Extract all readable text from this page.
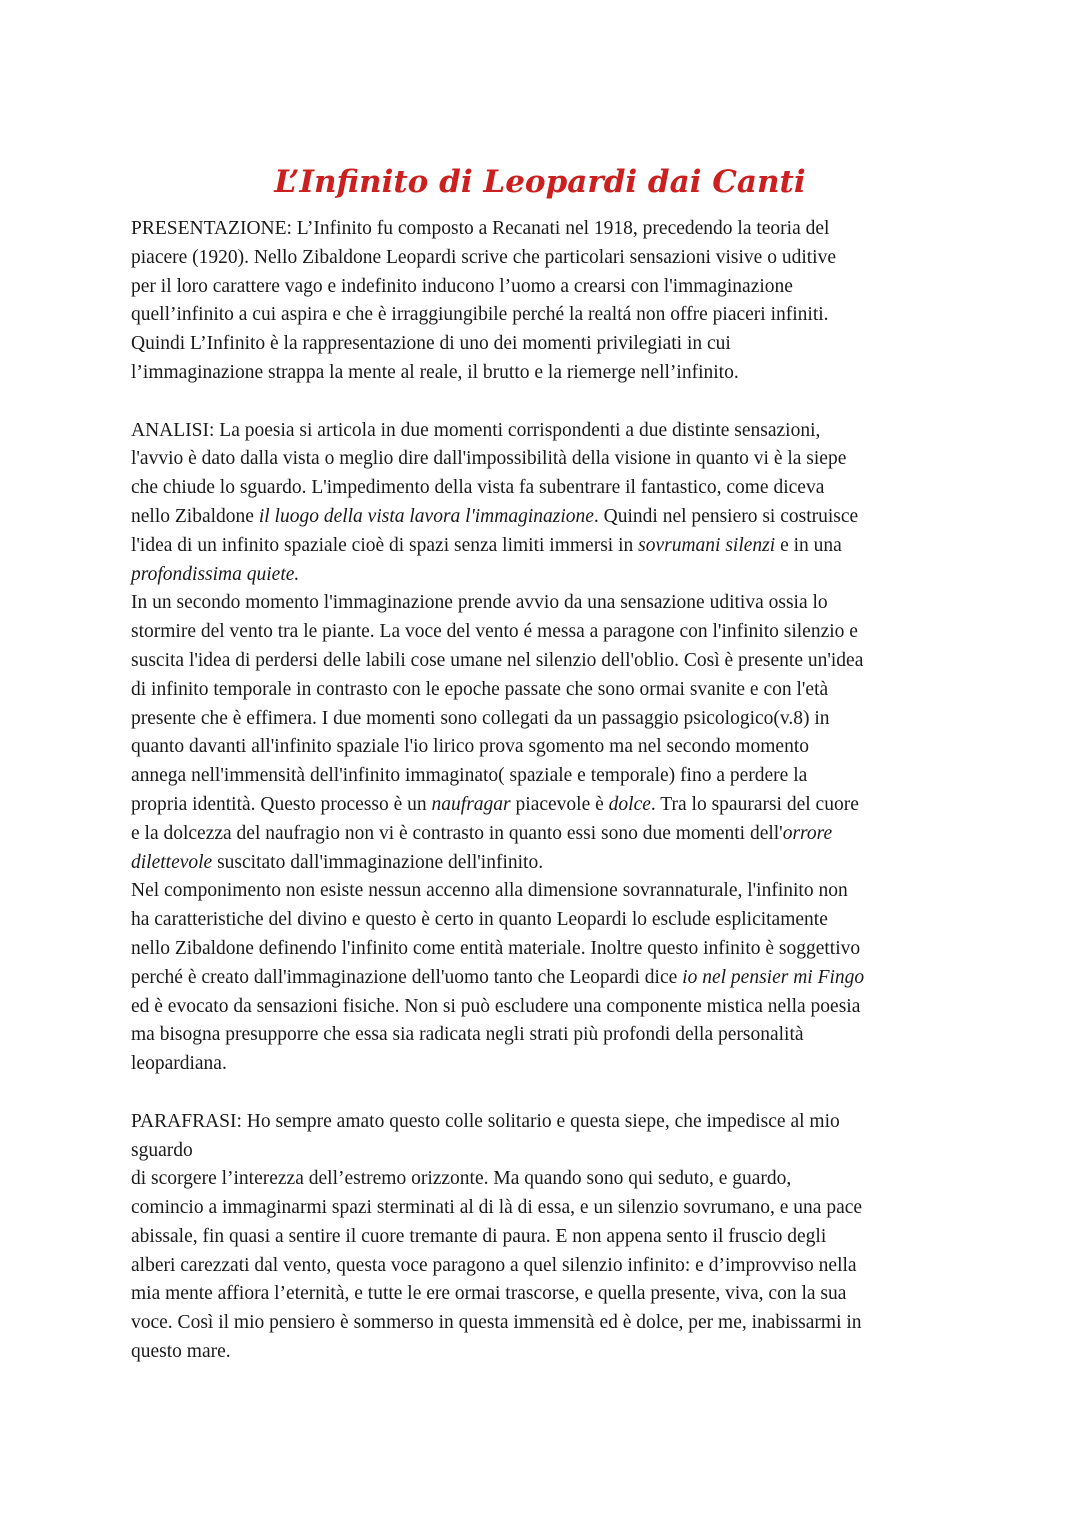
L’Infinito di Leopardi dai Canti
PRESENTAZIONE: L’Infinito fu composto a Recanati nel 1918, precedendo la teoria del
piacere (1920). Nello Zibaldone Leopardi scrive che particolari sensazioni visive o uditive
per il loro carattere vago e indefinito inducono l’uomo a crearsi con l'immaginazione
quell’infinito a cui aspira e che è irraggiungibile perché la realtá non offre piaceri infiniti.
Quindi L’Infinito è la rappresentazione di uno dei momenti privilegiati in cui
l’immaginazione strappa la mente al reale, il brutto e la riemerge nell’infinito.
ANALISI: La poesia si articola in due momenti corrispondenti a due distinte sensazioni,
l'avvio è dato dalla vista o meglio dire dall'impossibilità della visione in quanto vi è la siepe
che chiude lo sguardo. L'impedimento della vista fa subentrare il fantastico, come diceva
nello Zibaldone il luogo della vista lavora l'immaginazione. Quindi nel pensiero si costruisce
l'idea di un infinito spaziale cioè di spazi senza limiti immersi in sovrumani silenzi e in una
profondissima quiete.
In un secondo momento l'immaginazione prende avvio da una sensazione uditiva ossia lo
stormire del vento tra le piante. La voce del vento é messa a paragone con l'infinito silenzio e
suscita l'idea di perdersi delle labili cose umane nel silenzio dell'oblio. Così è presente un'idea
di infinito temporale in contrasto con le epoche passate che sono ormai svanite e con l'età
presente che è effimera. I due momenti sono collegati da un passaggio psicologico(v.8) in
quanto davanti all'infinito spaziale l'io lirico prova sgomento ma nel secondo momento
annega nell'immensità dell'infinito immaginato( spaziale e temporale) fino a perdere la
propria identità. Questo processo è un naufragar piacevole è dolce. Tra lo spaurarsi del cuore
e la dolcezza del naufragio non vi è contrasto in quanto essi sono due momenti dell'orrore
dilettevole suscitato dall'immaginazione dell'infinito.
Nel componimento non esiste nessun accenno alla dimensione sovrannaturale, l'infinito non
ha caratteristiche del divino e questo è certo in quanto Leopardi lo esclude esplicitamente
nello Zibaldone definendo l'infinito come entità materiale. Inoltre questo infinito è soggettivo
perché è creato dall'immaginazione dell'uomo tanto che Leopardi dice io nel pensier mi Fingo
ed è evocato da sensazioni fisiche. Non si può escludere una componente mistica nella poesia
ma bisogna presupporre che essa sia radicata negli strati più profondi della personalità
leopardiana.
PARAFRASI: Ho sempre amato questo colle solitario e questa siepe, che impedisce al mio
sguardo
di scorgere l’interezza dell’estremo orizzonte. Ma quando sono qui seduto, e guardo,
comincio a immaginarmi spazi sterminati al di là di essa, e un silenzio sovrumano, e una pace
abissale, fin quasi a sentire il cuore tremante di paura. E non appena sento il fruscio degli
alberi carezzati dal vento, questa voce paragono a quel silenzio infinito: e d’improvviso nella
mia mente affiora l’eternità, e tutte le ere ormai trascorse, e quella presente, viva, con la sua
voce. Così il mio pensiero è sommerso in questa immensità ed è dolce, per me, inabissarmi in
questo mare.
